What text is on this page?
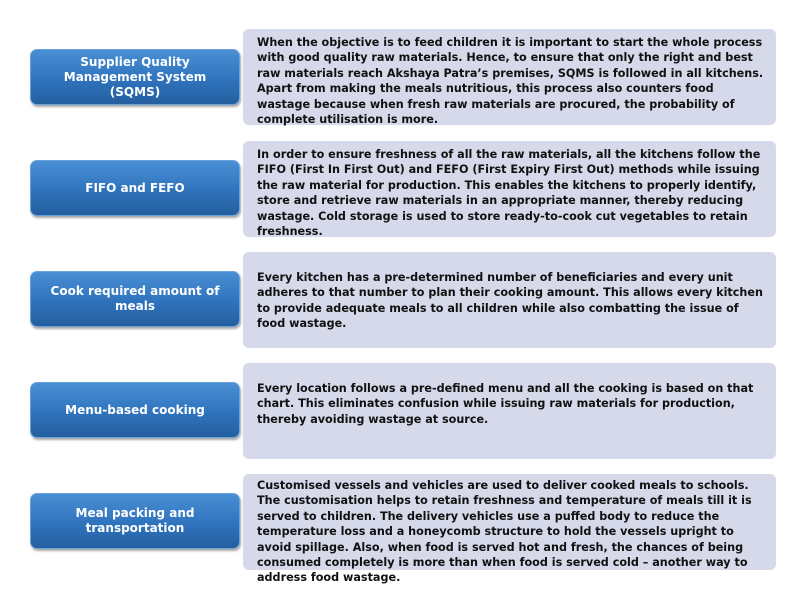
Supplier Quality Management System (SQMS)
When the objective is to feed children it is important to start the whole process with good quality raw materials. Hence, to ensure that only the right and best raw materials reach Akshaya Patra’s premises, SQMS is followed in all kitchens. Apart from making the meals nutritious, this process also counters food wastage because when fresh raw materials are procured, the probability of complete utilisation is more.
FIFO and FEFO
In order to ensure freshness of all the raw materials, all the kitchens follow the FIFO (First In First Out) and FEFO (First Expiry First Out) methods while issuing the raw material for production. This enables the kitchens to properly identify, store and retrieve raw materials in an appropriate manner, thereby reducing wastage. Cold storage is used to store ready-to-cook cut vegetables to retain freshness.
Cook required amount of meals
Every kitchen has a pre-determined number of beneficiaries and every unit adheres to that number to plan their cooking amount. This allows every kitchen to provide adequate meals to all children while also combatting the issue of food wastage.
Menu-based cooking
Every location follows a pre-defined menu and all the cooking is based on that chart. This eliminates confusion while issuing raw materials for production, thereby avoiding wastage at source.
Meal packing and transportation
Customised vessels and vehicles are used to deliver cooked meals to schools. The customisation helps to retain freshness and temperature of meals till it is served to children. The delivery vehicles use a puffed body to reduce the temperature loss and a honeycomb structure to hold the vessels upright to avoid spillage. Also, when food is served hot and fresh, the chances of being consumed completely is more than when food is served cold – another way to address food wastage.
